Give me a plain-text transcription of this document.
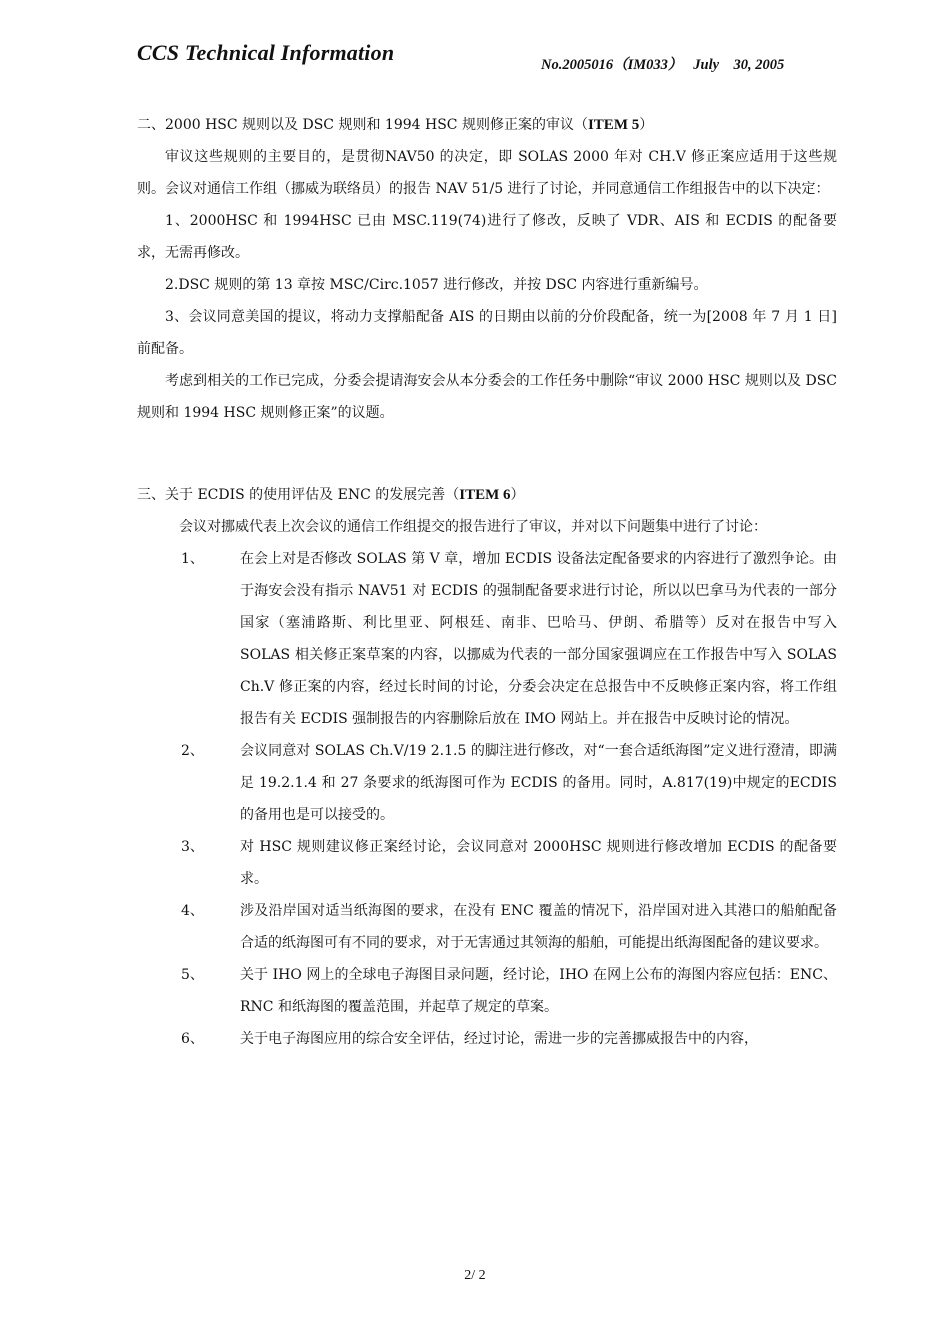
CCS Technical Information	No.2005016（IM033）   July    30, 2005

二、2000 HSC 规则以及 DSC 规则和 1994 HSC 规则修正案的审议（ITEM 5）

审议这些规则的主要目的，是贯彻NAV50 的决定，即 SOLAS 2000 年对 CH.V 修正案应适用于这些规则。会议对通信工作组（挪威为联络员）的报告 NAV 51/5 进行了讨论，并同意通信工作组报告中的以下决定：

1、2000HSC 和 1994HSC 已由 MSC.119(74)进行了修改，反映了 VDR、AIS 和 ECDIS 的配备要求，无需再修改。

2.DSC 规则的第 13 章按 MSC/Circ.1057 进行修改，并按 DSC 内容进行重新编号。

3、会议同意美国的提议，将动力支撑船配备 AIS 的日期由以前的分价段配备，统一为[2008 年 7 月 1 日]前配备。

考虑到相关的工作已完成，分委会提请海安会从本分委会的工作任务中删除“审议 2000 HSC 规则以及 DSC 规则和 1994 HSC 规则修正案”的议题。

三、关于 ECDIS 的使用评估及 ENC 的发展完善（ITEM 6）

会议对挪威代表上次会议的通信工作组提交的报告进行了审议，并对以下问题集中进行了讨论：

1、	在会上对是否修改 SOLAS 第 V 章，增加 ECDIS 设备法定配备要求的内容进行了激烈争论。由于海安会没有指示 NAV51 对 ECDIS 的强制配备要求进行讨论，所以以巴拿马为代表的一部分国家（塞浦路斯、利比里亚、阿根廷、南非、巴哈马、伊朗、希腊等）反对在报告中写入 SOLAS 相关修正案草案的内容，以挪威为代表的一部分国家强调应在工作报告中写入 SOLAS Ch.V 修正案的内容，经过长时间的讨论，分委会决定在总报告中不反映修正案内容，将工作组报告有关 ECDIS 强制报告的内容删除后放在 IMO 网站上。并在报告中反映讨论的情况。
2、	会议同意对 SOLAS Ch.V/19 2.1.5 的脚注进行修改，对“一套合适纸海图”定义进行澄清，即满足 19.2.1.4 和 27 条要求的纸海图可作为 ECDIS 的备用。同时，A.817(19)中规定的ECDIS 的备用也是可以接受的。
3、	对 HSC 规则建议修正案经讨论，会议同意对 2000HSC 规则进行修改增加 ECDIS 的配备要求。
4、	涉及沿岸国对适当纸海图的要求，在没有 ENC 覆盖的情况下，沿岸国对进入其港口的船舶配备合适的纸海图可有不同的要求，对于无害通过其领海的船舶，可能提出纸海图配备的建议要求。
5、	关于 IHO 网上的全球电子海图目录问题，经讨论，IHO 在网上公布的海图内容应包括：ENC、RNC 和纸海图的覆盖范围，并起草了规定的草案。
6、	关于电子海图应用的综合安全评估，经过讨论，需进一步的完善挪威报告中的内容，
2/ 2
